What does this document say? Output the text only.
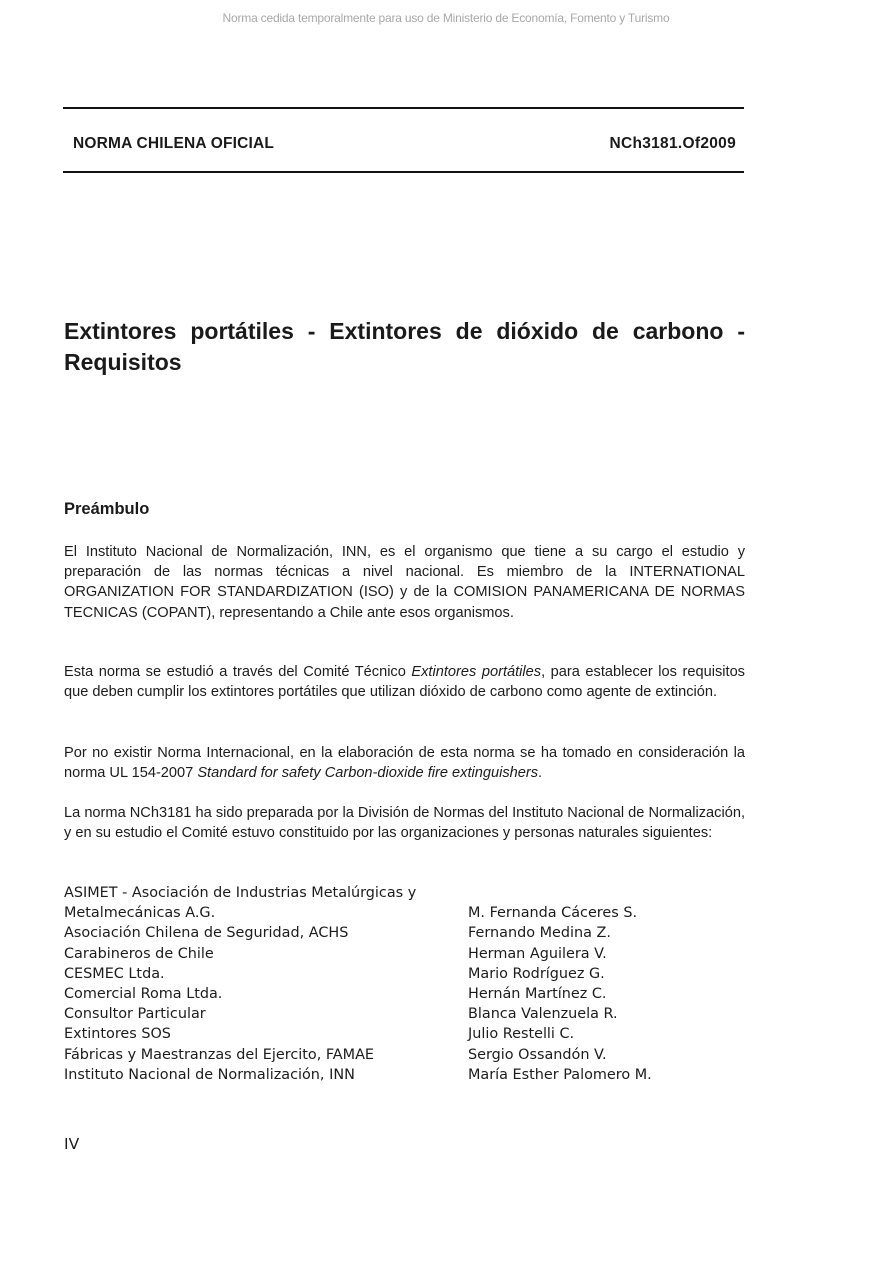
Norma cedida temporalmente para uso de Ministerio de Economía, Fomento y Turismo
NORMA CHILENA OFICIAL	NCh3181.Of2009
Extintores portátiles - Extintores de dióxido de carbono - Requisitos
Preámbulo

El Instituto Nacional de Normalización, INN, es el organismo que tiene a su cargo el estudio y preparación de las normas técnicas a nivel nacional. Es miembro de la INTERNATIONAL ORGANIZATION FOR STANDARDIZATION (ISO) y de la COMISION PANAMERICANA DE NORMAS TECNICAS (COPANT), representando a Chile ante esos organismos.

Esta norma se estudió a través del Comité Técnico Extintores portátiles, para establecer los requisitos que deben cumplir los extintores portátiles que utilizan dióxido de carbono como agente de extinción.

Por no existir Norma Internacional, en la elaboración de esta norma se ha tomado en consideración la norma UL 154-2007 Standard for safety Carbon-dioxide fire extinguishers.

La norma NCh3181 ha sido preparada por la División de Normas del Instituto Nacional de Normalización, y en su estudio el Comité estuvo constituido por las organizaciones y personas naturales siguientes:

ASIMET - Asociación de Industrias Metalúrgicas y
Metalmecánicas A.G.	M. Fernanda Cáceres S.
Asociación Chilena de Seguridad, ACHS	Fernando Medina Z.
Carabineros de Chile	Herman Aguilera V.
CESMEC Ltda.	Mario Rodríguez G.
Comercial Roma Ltda.	Hernán Martínez C.
Consultor Particular	Blanca Valenzuela R.
Extintores SOS	Julio Restelli C.
Fábricas y Maestranzas del Ejercito, FAMAE	Sergio Ossandón V.
Instituto Nacional de Normalización, INN	María Esther Palomero M.
IV
